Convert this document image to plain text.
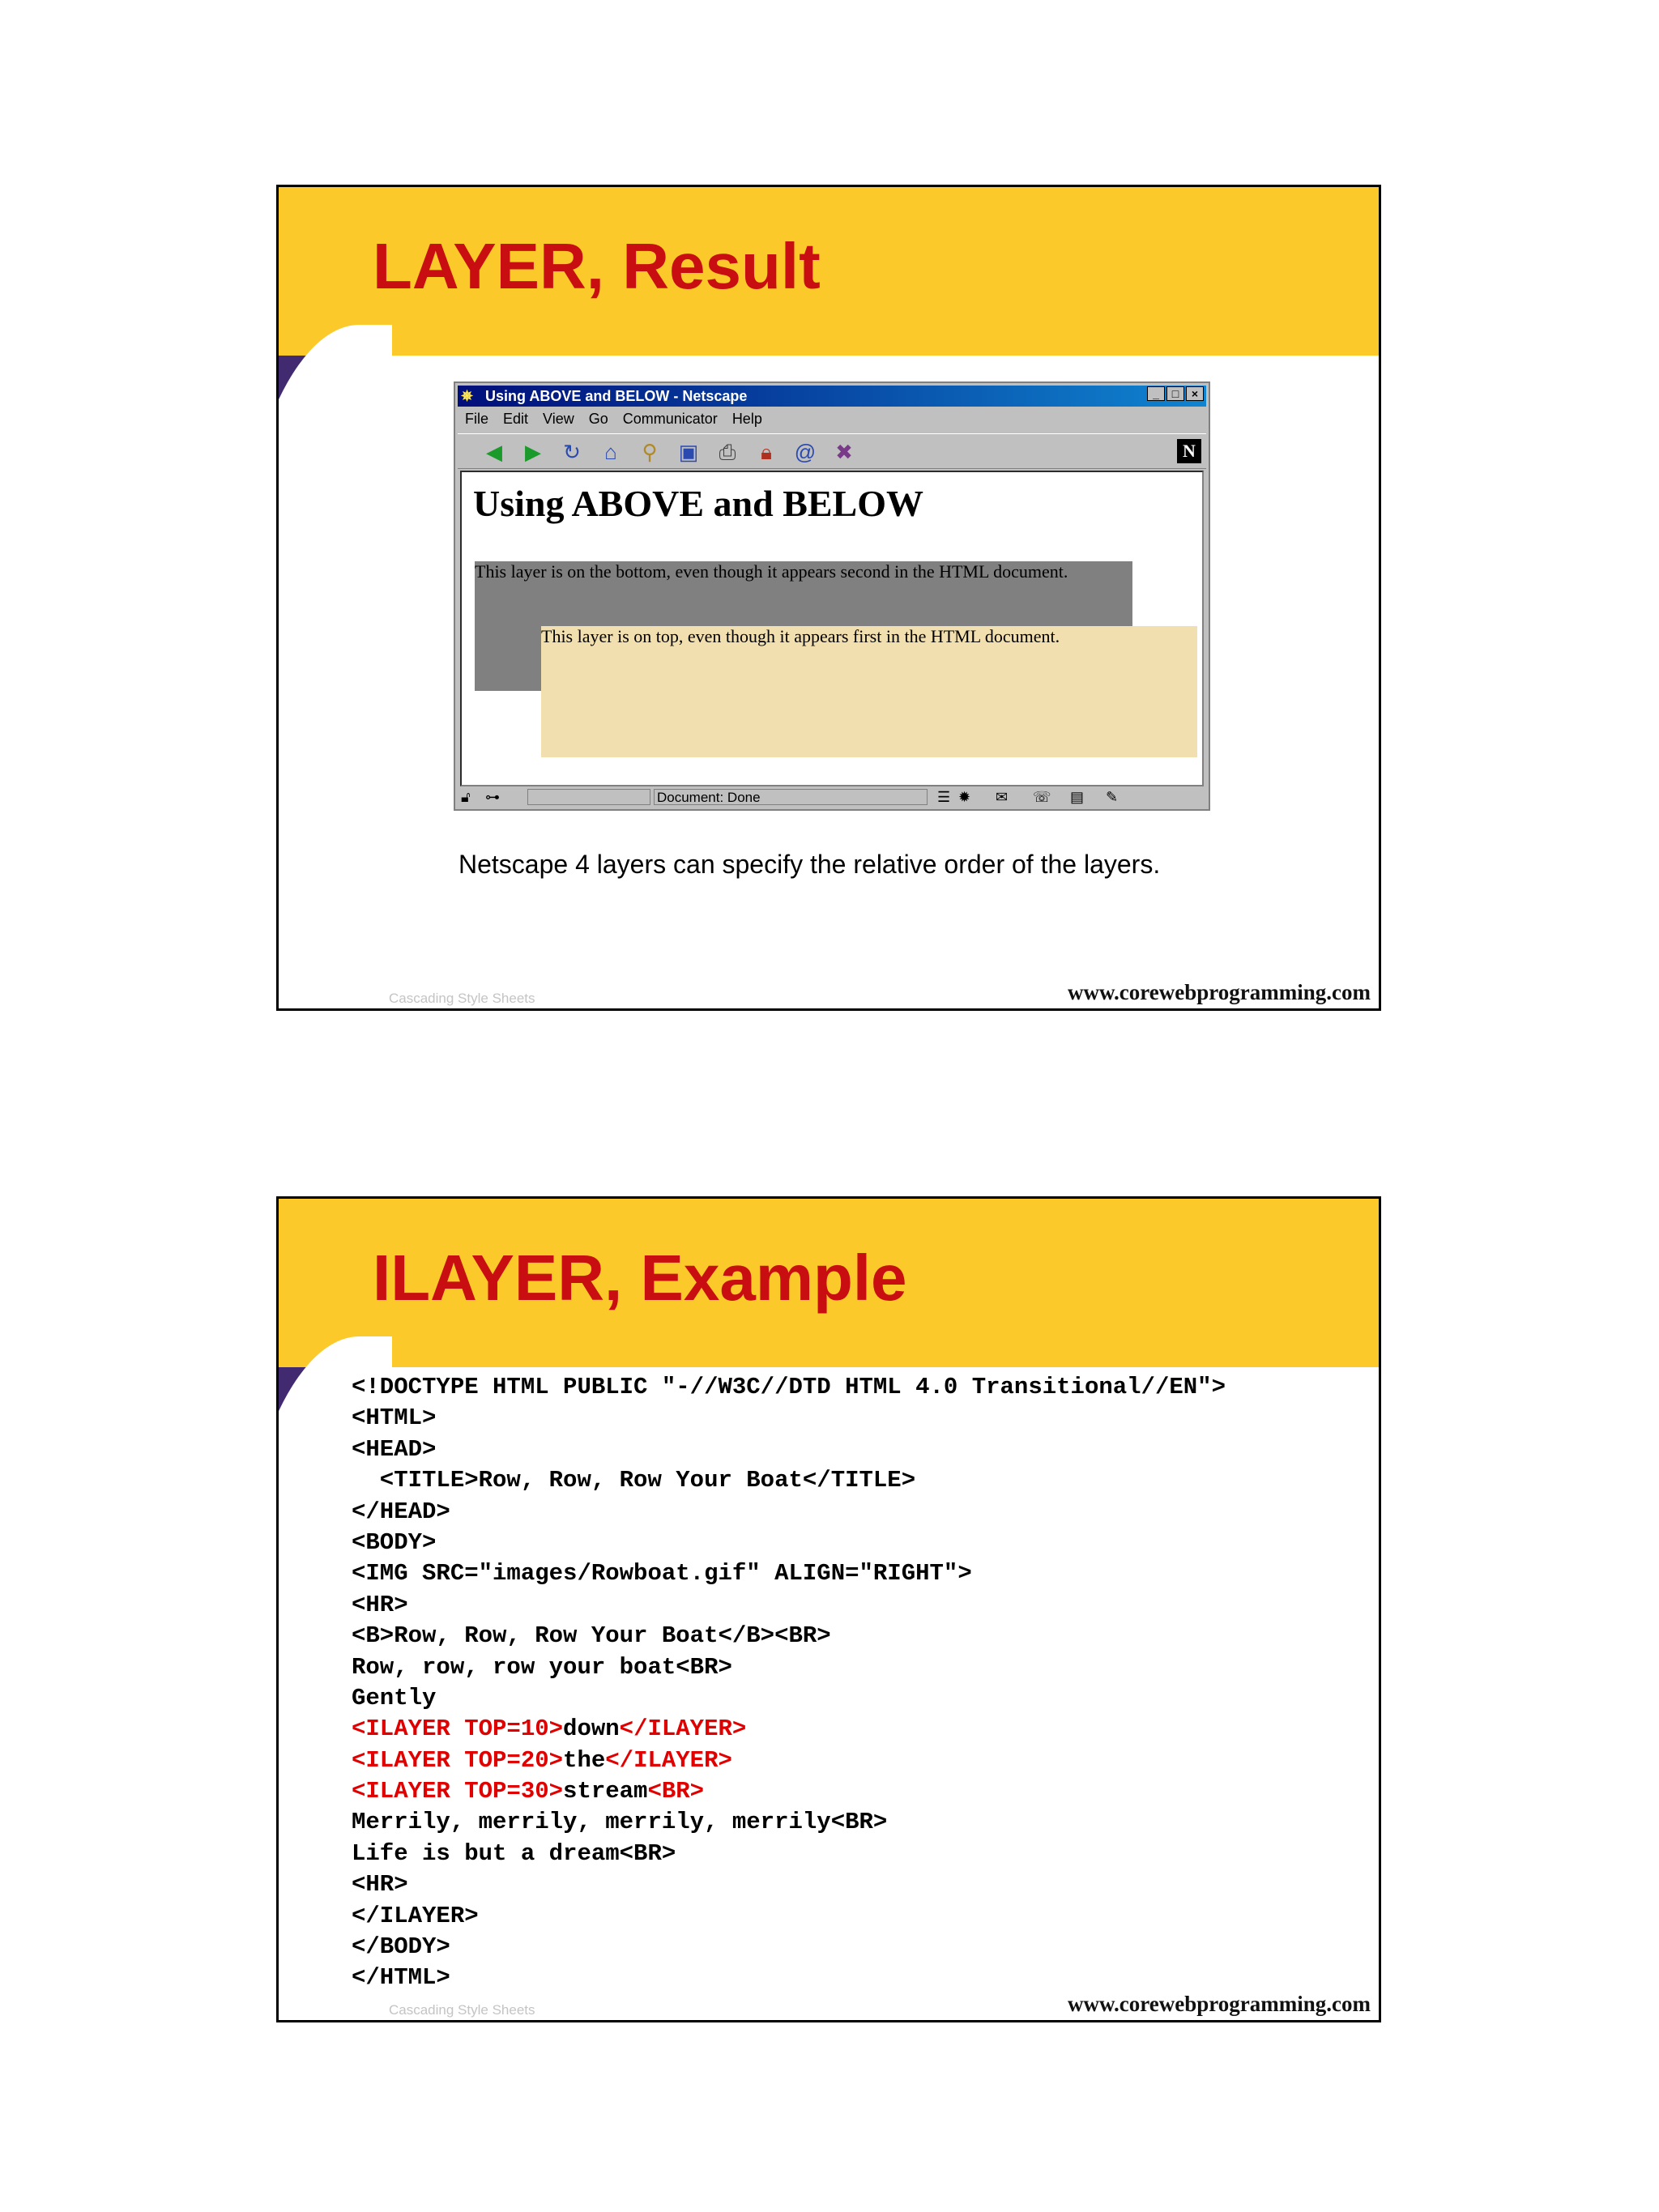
LAYER, Result
✵ Using ABOVE and BELOW - Netscape	_	□	×
File Edit View Go Communicator Help
◀ ▶ ↻ ⌂ ⚲ ▣ ⎙	🔒︎	@ ✖	N
Using ABOVE and BELOW
This layer is on the bottom, even though it appears second in the HTML document.
This layer is on top, even though it appears first in the HTML document.
🔓︎ ⊶	Document: Done	☰ ✹ ✉ ☏ ▤ ✎
Netscape 4 layers can specify the relative order of the layers.
41	Cascading Style Sheets	www.corewebprogramming.com
ILAYER, Example
<!DOCTYPE HTML PUBLIC "-//W3C//DTD HTML 4.0 Transitional//EN">
<HTML>
<HEAD>
<TITLE>Row, Row, Row Your Boat</TITLE>
</HEAD>
<BODY>
<IMG SRC="images/Rowboat.gif" ALIGN="RIGHT">
<HR>
<B>Row, Row, Row Your Boat</B><BR>
Row, row, row your boat<BR>
Gently
<ILAYER TOP=10>down</ILAYER>
<ILAYER TOP=20>the</ILAYER>
<ILAYER TOP=30>stream<BR>
Merrily, merrily, merrily, merrily<BR>
Life is but a dream<BR>
<HR>
</ILAYER>
</BODY>
</HTML>
42	Cascading Style Sheets	www.corewebprogramming.com
